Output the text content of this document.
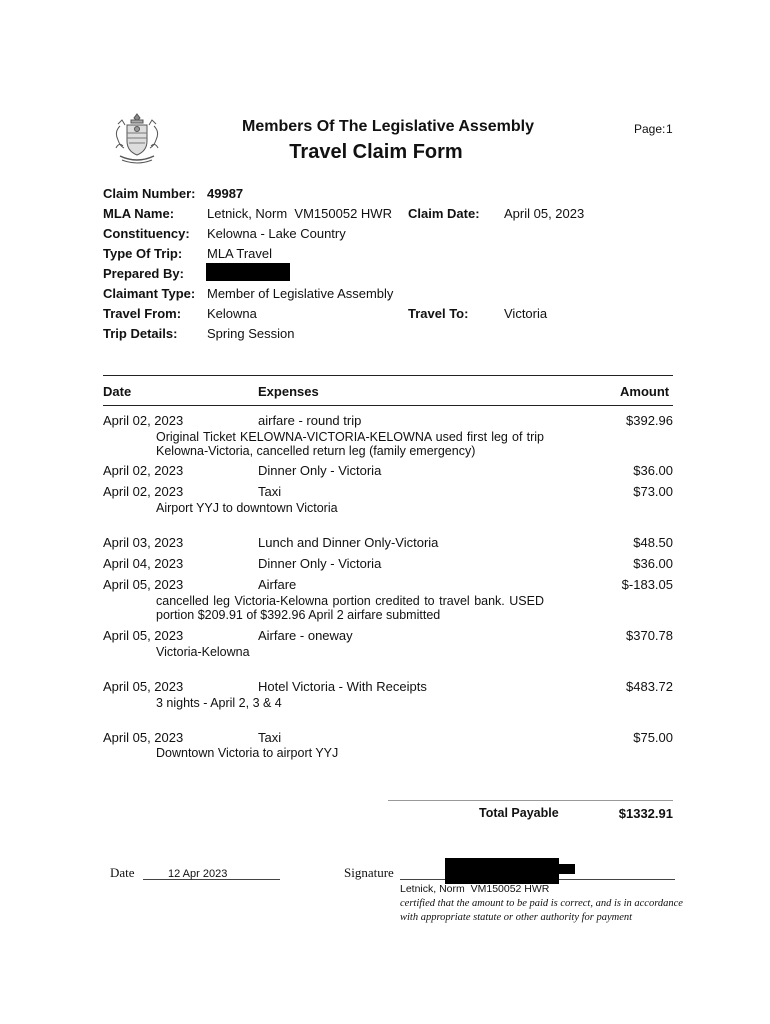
Members Of The Legislative Assembly
Travel Claim Form
Page: 1
Claim Number: 49987
MLA Name:	Letnick, Norm  VM150052 HWR Claim Date: April 05, 2023
Constituency: Kelowna - Lake Country
Type Of Trip: MLA Travel
Prepared By:
Claimant Type: Member of Legislative Assembly
Travel From: Kelowna	Travel To:	Victoria
Trip Details: Spring Session
Date	Expenses	Amount
April 02, 2023	airfare - round trip	$392.96
Original Ticket KELOWNA-VICTORIA-KELOWNA used first leg of trip Kelowna-Victoria, cancelled return leg (family emergency)
April 02, 2023	Dinner Only - Victoria	$36.00
April 02, 2023	Taxi	$73.00
Airport YYJ to downtown Victoria
April 03, 2023	Lunch and Dinner Only-Victoria	$48.50
April 04, 2023	Dinner Only - Victoria	$36.00
April 05, 2023	Airfare	$-183.05
cancelled leg Victoria-Kelowna portion credited to travel bank. USED portion $209.91 of $392.96 April 2 airfare submitted
April 05, 2023	Airfare - oneway	$370.78
Victoria-Kelowna
April 05, 2023	Hotel Victoria - With Receipts	$483.72
3 nights - April 2, 3 & 4
April 05, 2023	Taxi	$75.00
Downtown Victoria to airport YYJ
Total Payable	$1332.91
Date	12 Apr 2023	Signature
Letnick, Norm  VM150052 HWR
certified that the amount to be paid is correct, and is in accordance
with appropriate statute or other authority for payment
